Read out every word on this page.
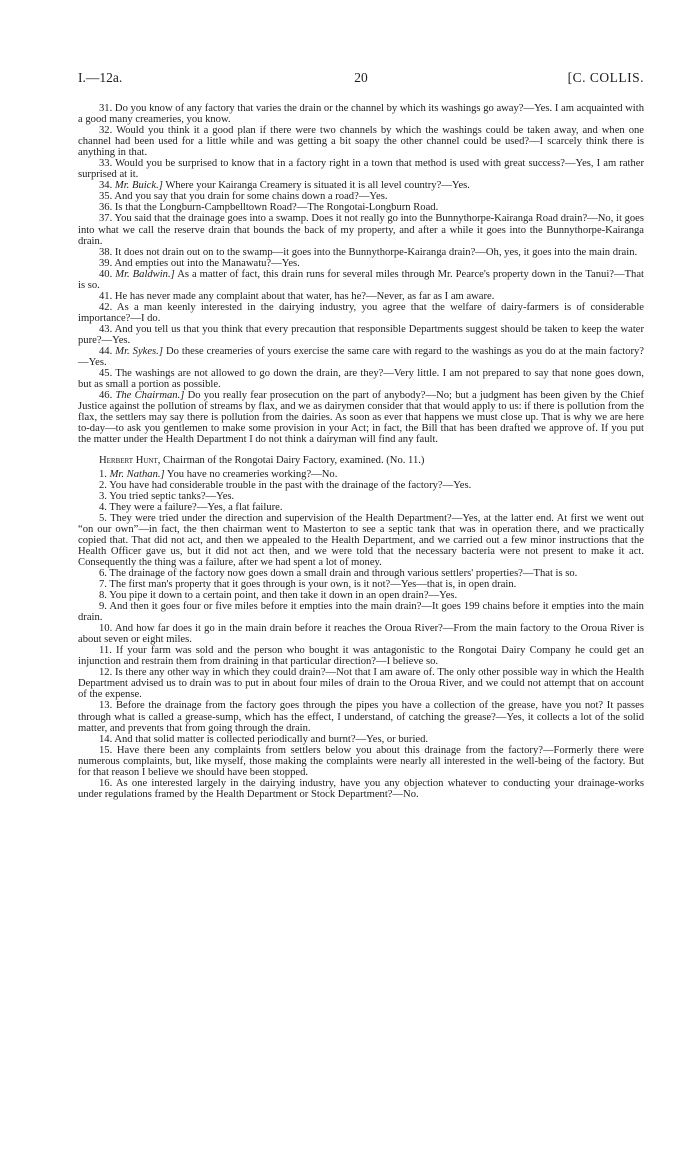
I.—12a.	20	[C. COLLIS.

31. Do you know of any factory that varies the drain or the channel by which its washings go away?—Yes. I am acquainted with a good many creameries, you know.

32. Would you think it a good plan if there were two channels by which the washings could be taken away, and when one channel had been used for a little while and was getting a bit soapy the other channel could be used?—I scarcely think there is anything in that.

33. Would you be surprised to know that in a factory right in a town that method is used with great success?—Yes, I am rather surprised at it.

34. Mr. Buick.] Where your Kairanga Creamery is situated it is all level country?—Yes.

35. And you say that you drain for some chains down a road?—Yes.

36. Is that the Longburn-Campbelltown Road?—The Rongotai-Longburn Road.

37. You said that the drainage goes into a swamp. Does it not really go into the Bunnythorpe-Kairanga Road drain?—No, it goes into what we call the reserve drain that bounds the back of my property, and after a while it goes into the Bunnythorpe-Kairanga drain.

38. It does not drain out on to the swamp—it goes into the Bunnythorpe-Kairanga drain?—Oh, yes, it goes into the main drain.

39. And empties out into the Manawatu?—Yes.

40. Mr. Baldwin.] As a matter of fact, this drain runs for several miles through Mr. Pearce's property down in the Tanui?—That is so.

41. He has never made any complaint about that water, has he?—Never, as far as I am aware.

42. As a man keenly interested in the dairying industry, you agree that the welfare of dairy-farmers is of considerable importance?—I do.

43. And you tell us that you think that every precaution that responsible Departments suggest should be taken to keep the water pure?—Yes.

44. Mr. Sykes.] Do these creameries of yours exercise the same care with regard to the washings as you do at the main factory?—Yes.

45. The washings are not allowed to go down the drain, are they?—Very little. I am not prepared to say that none goes down, but as small a portion as possible.

46. The Chairman.] Do you really fear prosecution on the part of anybody?—No; but a judgment has been given by the Chief Justice against the pollution of streams by flax, and we as dairymen consider that that would apply to us: if there is pollution from the flax, the settlers may say there is pollution from the dairies. As soon as ever that happens we must close up. That is why we are here to-day—to ask you gentlemen to make some provision in your Act; in fact, the Bill that has been drafted we approve of. If you put the matter under the Health Department I do not think a dairyman will find any fault.

Herbert Hunt, Chairman of the Rongotai Dairy Factory, examined. (No. 11.)

1. Mr. Nathan.] You have no creameries working?—No.

2. You have had considerable trouble in the past with the drainage of the factory?—Yes.

3. You tried septic tanks?—Yes.

4. They were a failure?—Yes, a flat failure.

5. They were tried under the direction and supervision of the Health Department?—Yes, at the latter end. At first we went out “on our own”—in fact, the then chairman went to Masterton to see a septic tank that was in operation there, and we practically copied that. That did not act, and then we appealed to the Health Department, and we carried out a few minor instructions that the Health Officer gave us, but it did not act then, and we were told that the necessary bacteria were not present to make it act. Consequently the thing was a failure, after we had spent a lot of money.

6. The drainage of the factory now goes down a small drain and through various settlers' properties?—That is so.

7. The first man's property that it goes through is your own, is it not?—Yes—that is, in open drain.

8. You pipe it down to a certain point, and then take it down in an open drain?—Yes.

9. And then it goes four or five miles before it empties into the main drain?—It goes 199 chains before it empties into the main drain.

10. And how far does it go in the main drain before it reaches the Oroua River?—From the main factory to the Oroua River is about seven or eight miles.

11. If your farm was sold and the person who bought it was antagonistic to the Rongotai Dairy Company he could get an injunction and restrain them from draining in that particular direction?—I believe so.

12. Is there any other way in which they could drain?—Not that I am aware of. The only other possible way in which the Health Department advised us to drain was to put in about four miles of drain to the Oroua River, and we could not attempt that on account of the expense.

13. Before the drainage from the factory goes through the pipes you have a collection of the grease, have you not? It passes through what is called a grease-sump, which has the effect, I understand, of catching the grease?—Yes, it collects a lot of the solid matter, and prevents that from going through the drain.

14. And that solid matter is collected periodically and burnt?—Yes, or buried.

15. Have there been any complaints from settlers below you about this drainage from the factory?—Formerly there were numerous complaints, but, like myself, those making the complaints were nearly all interested in the well-being of the factory. But for that reason I believe we should have been stopped.

16. As one interested largely in the dairying industry, have you any objection whatever to conducting your drainage-works under regulations framed by the Health Department or Stock Department?—No.
